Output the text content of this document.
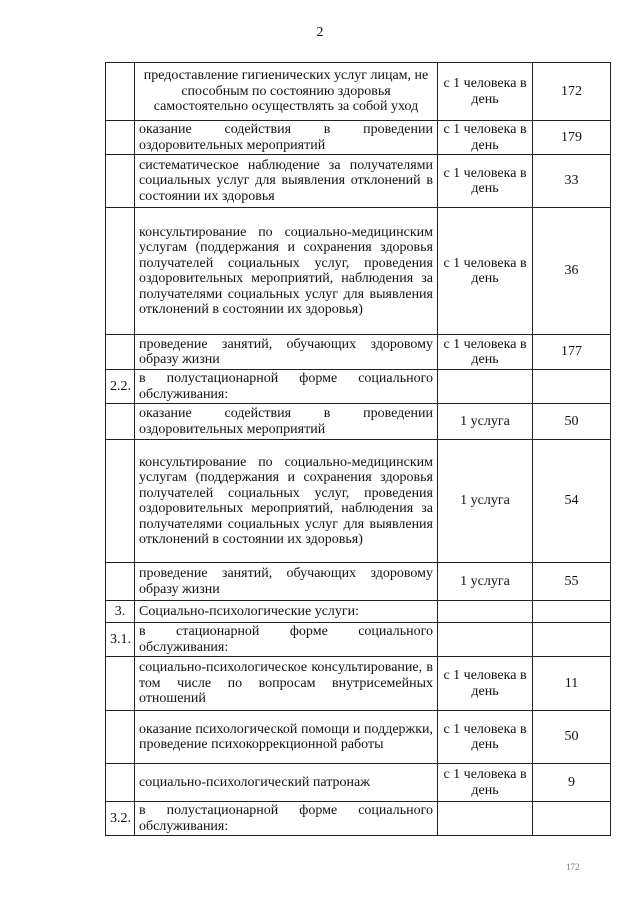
2
	предоставление гигиенических услуг лицам, не способным по состоянию здоровья самостоятельно осуществлять за собой уход	с 1 человека в день	172
	оказание содействия в проведении оздоровительных мероприятий	с 1 человека в день	179
	систематическое наблюдение за получателями социальных услуг для выявления отклонений в состоянии их здоровья	с 1 человека в день	33
	консультирование по социально-медицинским услугам (поддержания и сохранения здоровья получателей социальных услуг, проведения оздоровительных мероприятий, наблюдения за получателями социальных услуг для выявления отклонений в состоянии их здоровья)	с 1 человека в день	36
	проведение занятий, обучающих здоровому образу жизни	с 1 человека в день	177
2.2.	в полустационарной форме социального обслуживания:		
	оказание содействия в проведении оздоровительных мероприятий	1 услуга	50
	консультирование по социально-медицинским услугам (поддержания и сохранения здоровья получателей социальных услуг, проведения оздоровительных мероприятий, наблюдения за получателями социальных услуг для выявления отклонений в состоянии их здоровья)	1 услуга	54
	проведение занятий, обучающих здоровому образу жизни	1 услуга	55
3.	Социально-психологические услуги:		
3.1.	в стационарной форме социального обслуживания:		
	социально-психологическое консультирование, в том числе по вопросам внутрисемейных отношений	с 1 человека в день	11
	оказание психологической помощи и поддержки, проведение психокоррекционной работы	с 1 человека в день	50
	социально-психологический патронаж	с 1 человека в день	9
3.2.	в полустационарной форме социального обслуживания:		
172
